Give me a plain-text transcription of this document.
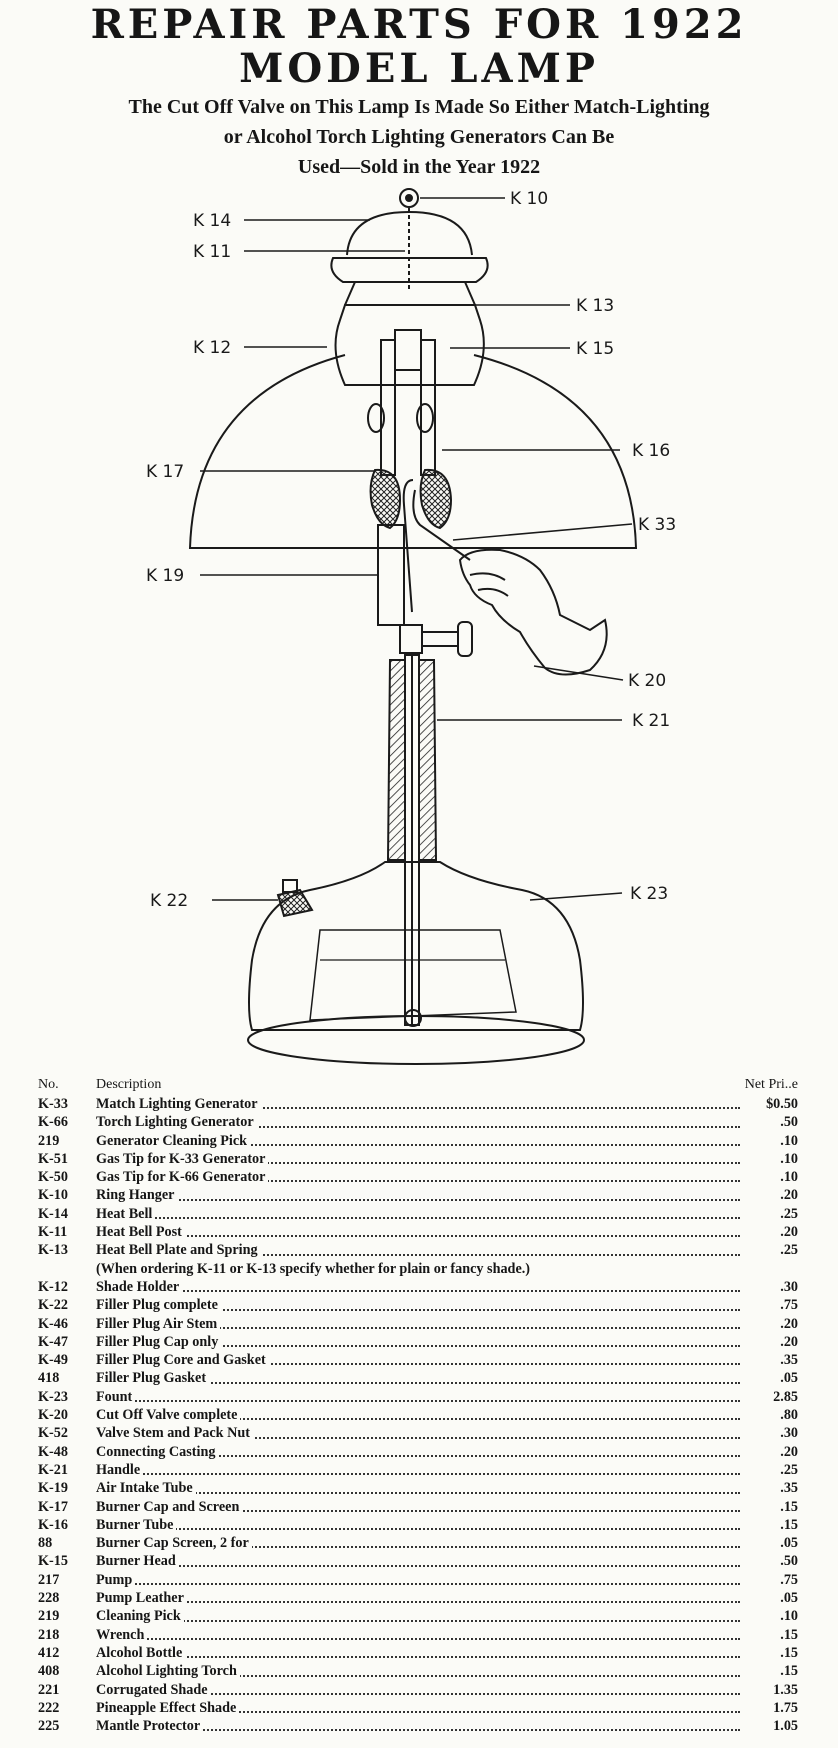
REPAIR PARTS FOR 1922
MODEL LAMP

The Cut Off Valve on This Lamp Is Made So Either Match-Lighting

or Alcohol Torch Lighting Generators Can Be

Used—Sold in the Year 1922

K 10
K 14
K 11
K 13
K 12	K 15
K 16
K 17
K 33
K 19
K 20
K 21
K 22	K 23
No.	Description	Net Pri..e
K-33	Match Lighting Generator	$0.50
K-66	Torch Lighting Generator	.50
219	Generator Cleaning Pick	.10
K-51	Gas Tip for K-33 Generator	.10
K-50	Gas Tip for K-66 Generator	.10
K-10	Ring Hanger	.20
K-14	Heat Bell	.25
K-11	Heat Bell Post	.20
K-13	Heat Bell Plate and Spring	.25
(When ordering K-11 or K-13 specify whether for plain or fancy shade.)
K-12	Shade Holder	.30
K-22	Filler Plug complete	.75
K-46	Filler Plug Air Stem	.20
K-47	Filler Plug Cap only	.20
K-49	Filler Plug Core and Gasket	.35
418	Filler Plug Gasket	.05
K-23	Fount	2.85
K-20	Cut Off Valve complete	.80
K-52	Valve Stem and Pack Nut	.30
K-48	Connecting Casting	.20
K-21	Handle	.25
K-19	Air Intake Tube	.35
K-17	Burner Cap and Screen	.15
K-16	Burner Tube	.15
88	Burner Cap Screen, 2 for	.05
K-15	Burner Head	.50
217	Pump	.75
228	Pump Leather	.05
219	Cleaning Pick	.10
218	Wrench	.15
412	Alcohol Bottle	.15
408	Alcohol Lighting Torch	.15
221	Corrugated Shade	1.35
222	Pineapple Effect Shade	1.75
225	Mantle Protector	1.05
